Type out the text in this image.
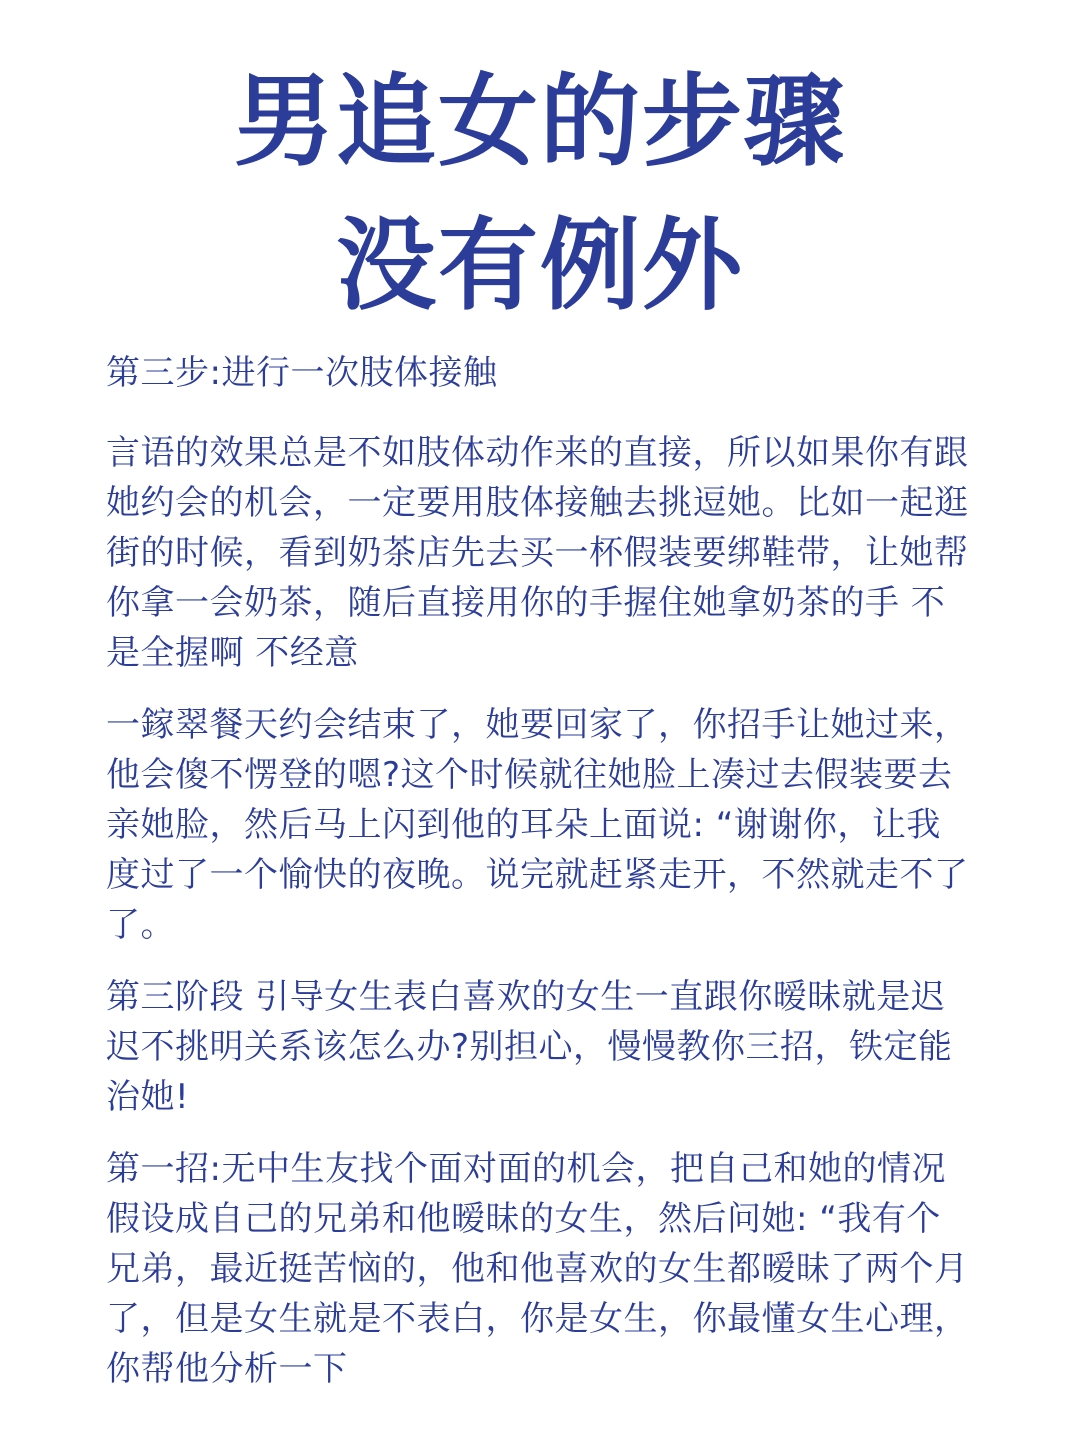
男追女的步骤
没有例外

第三步:进行一次肢体接触

言语的效果总是不如肢体动作来的直接，所以如果你有跟她约会的机会，一定要用肢体接触去挑逗她。比如一起逛街的时候，看到奶茶店先去买一杯假装要绑鞋带，让她帮你拿一会奶茶，随后直接用你的手握住她拿奶茶的手 不是全握啊 不经意

一鎵翠餐天约会结束了，她要回家了，你招手让她过来，他会傻不愣登的嗯?这个时候就往她脸上凑过去假装要去亲她脸，然后马上闪到他的耳朵上面说: “谢谢你，让我度过了一个愉快的夜晚。说完就赶紧走开，不然就走不了了。

第三阶段 引导女生表白喜欢的女生一直跟你暧昧就是迟迟不挑明关系该怎么办?别担心，慢慢教你三招，铁定能治她!

第一招:无中生友找个面对面的机会，把自己和她的情况假设成自己的兄弟和他暧昧的女生，然后问她: “我有个兄弟，最近挺苦恼的，他和他喜欢的女生都暧昧了两个月了，但是女生就是不表白，你是女生，你最懂女生心理，你帮他分析一下
